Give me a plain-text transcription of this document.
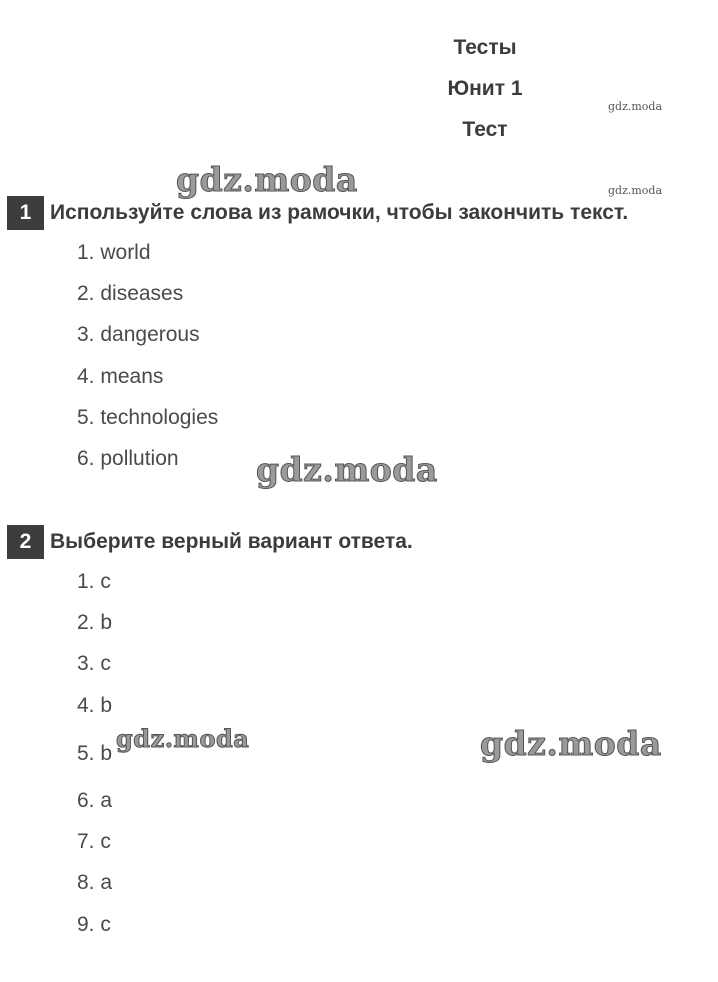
Тесты
Юнит 1
Тест
gdz.moda
gdz.moda
gdz.moda
gdz.moda
gdz.moda	gdz.moda
1 Используйте слова из рамочки, чтобы закончить текст.
1. world
2. diseases
3. dangerous
4. means
5. technologies
6. pollution
2 Выберите верный вариант ответа.
1. c
2. b
3. c
4. b
5. b
6. a
7. c
8. a
9. c
